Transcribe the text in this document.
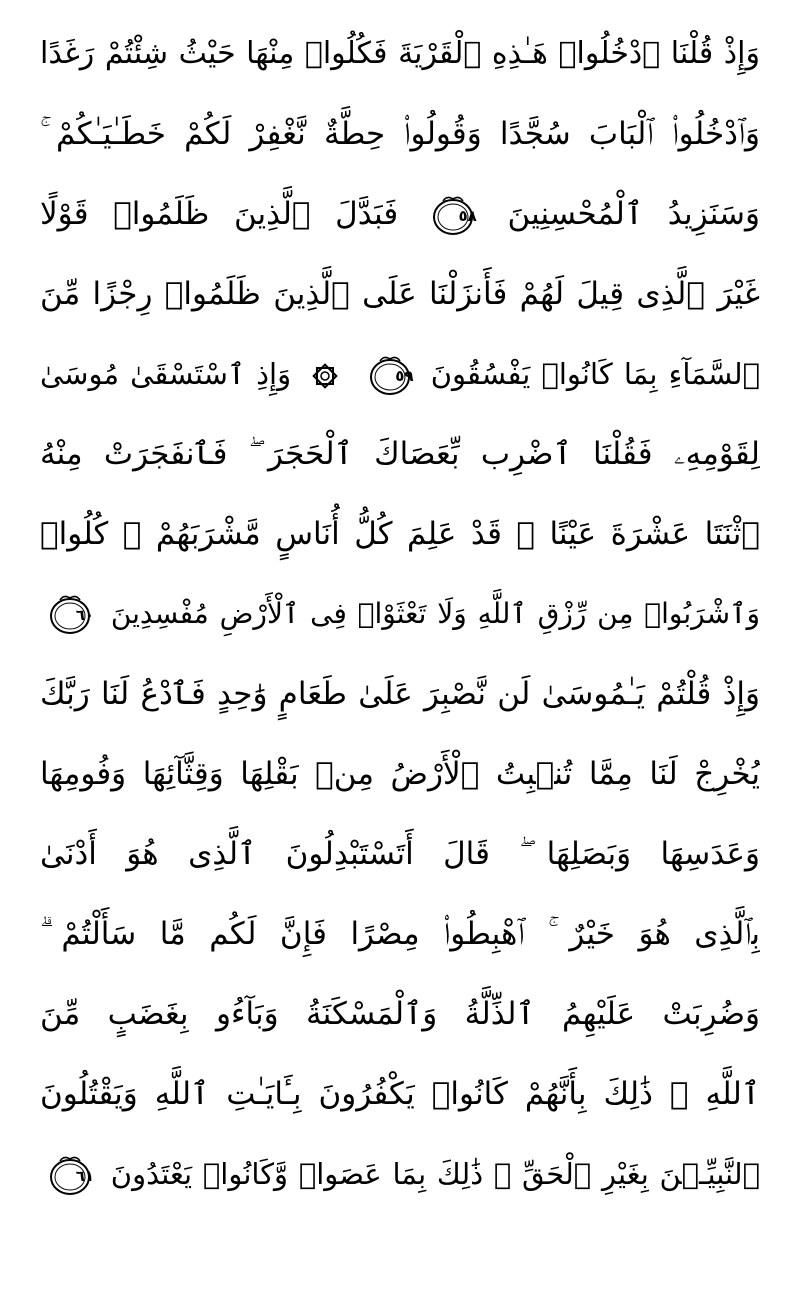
وَإِذْ قُلْنَا ٱدْخُلُوا۟ هَـٰذِهِ ٱلْقَرْيَةَ فَكُلُوا۟ مِنْهَا حَيْثُ شِئْتُمْ رَغَدًا
وَٱدْخُلُوا۟ ٱلْبَابَ سُجَّدًا وَقُولُوا۟ حِطَّةٌ نَّغْفِرْ لَكُمْ خَطَـٰيَـٰكُمْ ۚ
وَسَنَزِيدُ ٱلْمُحْسِنِينَ
٥٨
فَبَدَّلَ ٱلَّذِينَ ظَلَمُوا۟ قَوْلًا
غَيْرَ ٱلَّذِى قِيلَ لَهُمْ فَأَنزَلْنَا عَلَى ٱلَّذِينَ ظَلَمُوا۟ رِجْزًا مِّنَ
ٱلسَّمَآءِ بِمَا كَانُوا۟ يَفْسُقُونَ
٥٩
وَإِذِ ٱسْتَسْقَىٰ مُوسَىٰ
لِقَوْمِهِۦ فَقُلْنَا ٱضْرِب بِّعَصَاكَ ٱلْحَجَرَ ۖ فَٱنفَجَرَتْ مِنْهُ
ٱثْنَتَا عَشْرَةَ عَيْنًا ۖ قَدْ عَلِمَ كُلُّ أُنَاسٍ مَّشْرَبَهُمْ ۖ كُلُوا۟
وَٱشْرَبُوا۟ مِن رِّزْقِ ٱللَّهِ وَلَا تَعْثَوْا۟ فِى ٱلْأَرْضِ مُفْسِدِينَ
٦٠
وَإِذْ قُلْتُمْ يَـٰمُوسَىٰ لَن نَّصْبِرَ عَلَىٰ طَعَامٍ وَٰحِدٍ فَٱدْعُ لَنَا رَبَّكَ
يُخْرِجْ لَنَا مِمَّا تُنۢبِتُ ٱلْأَرْضُ مِنۢ بَقْلِهَا وَقِثَّآئِهَا وَفُومِهَا
وَعَدَسِهَا وَبَصَلِهَا ۖ قَالَ أَتَسْتَبْدِلُونَ ٱلَّذِى هُوَ أَدْنَىٰ
بِٱلَّذِى هُوَ خَيْرٌ ۚ ٱهْبِطُوا۟ مِصْرًا فَإِنَّ لَكُم مَّا سَأَلْتُمْ ۗ
وَضُرِبَتْ عَلَيْهِمُ ٱلذِّلَّةُ وَٱلْمَسْكَنَةُ وَبَآءُو بِغَضَبٍ مِّنَ
ٱللَّهِ ۗ ذَٰلِكَ بِأَنَّهُمْ كَانُوا۟ يَكْفُرُونَ بِـَٔايَـٰتِ ٱللَّهِ وَيَقْتُلُونَ
ٱلنَّبِيِّـۧنَ بِغَيْرِ ٱلْحَقِّ ۗ ذَٰلِكَ بِمَا عَصَوا۟ وَّكَانُوا۟ يَعْتَدُونَ
٦١
